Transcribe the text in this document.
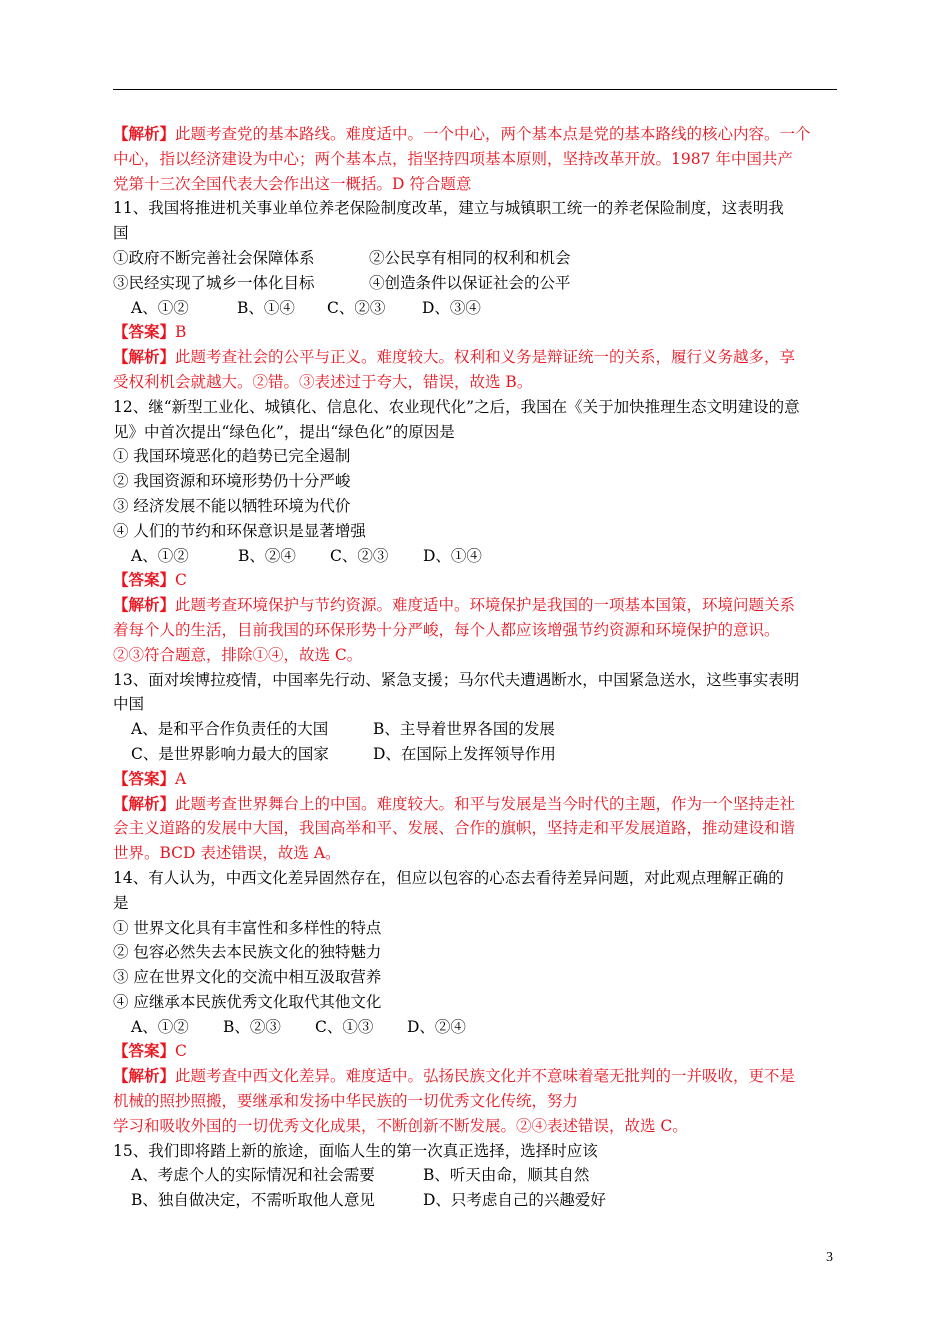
【解析】此题考查党的基本路线。难度适中。一个中心，两个基本点是党的基本路线的核心内容。一个
中心，指以经济建设为中心；两个基本点，指坚持四项基本原则，坚持改革开放。1987 年中国共产
党第十三次全国代表大会作出这一概括。D 符合题意
11、我国将推进机关事业单位养老保险制度改革，建立与城镇职工统一的养老保险制度，这表明我
国
①政府不断完善社会保障体系	②公民享有相同的权利和机会
③民经实现了城乡一体化目标	④创造条件以保证社会的公平
A、①②	B、①④ C、②③ D、③④
【答案】B
【解析】此题考查社会的公平与正义。难度较大。权利和义务是辩证统一的关系，履行义务越多，享
受权利机会就越大。②错。③表述过于夸大，错误，故选 B。
12、继“新型工业化、城镇化、信息化、农业现代化”之后，我国在《关于加快推理生态文明建设的意
见》中首次提出“绿色化”，提出“绿色化”的原因是
① 我国环境恶化的趋势已完全遏制
② 我国资源和环境形势仍十分严峻
③ 经济发展不能以牺牲环境为代价
④ 人们的节约和环保意识是显著增强
A、①②	B、②④ C、②③ D、①④
【答案】C
【解析】此题考查环境保护与节约资源。难度适中。环境保护是我国的一项基本国策，环境问题关系
着每个人的生活，目前我国的环保形势十分严峻，每个人都应该增强节约资源和环境保护的意识。
②③符合题意，排除①④，故选 C。
13、面对埃博拉疫情，中国率先行动、紧急支援；马尔代夫遭遇断水，中国紧急送水，这些事实表明
中国
A、是和平合作负责任的大国	B、主导着世界各国的发展
C、是世界影响力最大的国家	D、在国际上发挥领导作用
【答案】A
【解析】此题考查世界舞台上的中国。难度较大。和平与发展是当今时代的主题，作为一个坚持走社
会主义道路的发展中大国，我国高举和平、发展、合作的旗帜，坚持走和平发展道路，推动建设和谐
世界。BCD 表述错误，故选 A。
14、有人认为，中西文化差异固然存在，但应以包容的心态去看待差异问题，对此观点理解正确的
是
① 世界文化具有丰富性和多样性的特点
② 包容必然失去本民族文化的独特魅力
③ 应在世界文化的交流中相互汲取营养
④ 应继承本民族优秀文化取代其他文化
A、①② B、②③ C、①③ D、②④
【答案】C
【解析】此题考查中西文化差异。难度适中。弘扬民族文化并不意味着毫无批判的一并吸收，更不是
机械的照抄照搬，要继承和发扬中华民族的一切优秀文化传统，努力
学习和吸收外国的一切优秀文化成果，不断创新不断发展。②④表述错误，故选 C。
15、我们即将踏上新的旅途，面临人生的第一次真正选择，选择时应该
A、考虑个人的实际情况和社会需要	B、听天由命，顺其自然
B、独自做决定，不需听取他人意见	D、只考虑自己的兴趣爱好
3
